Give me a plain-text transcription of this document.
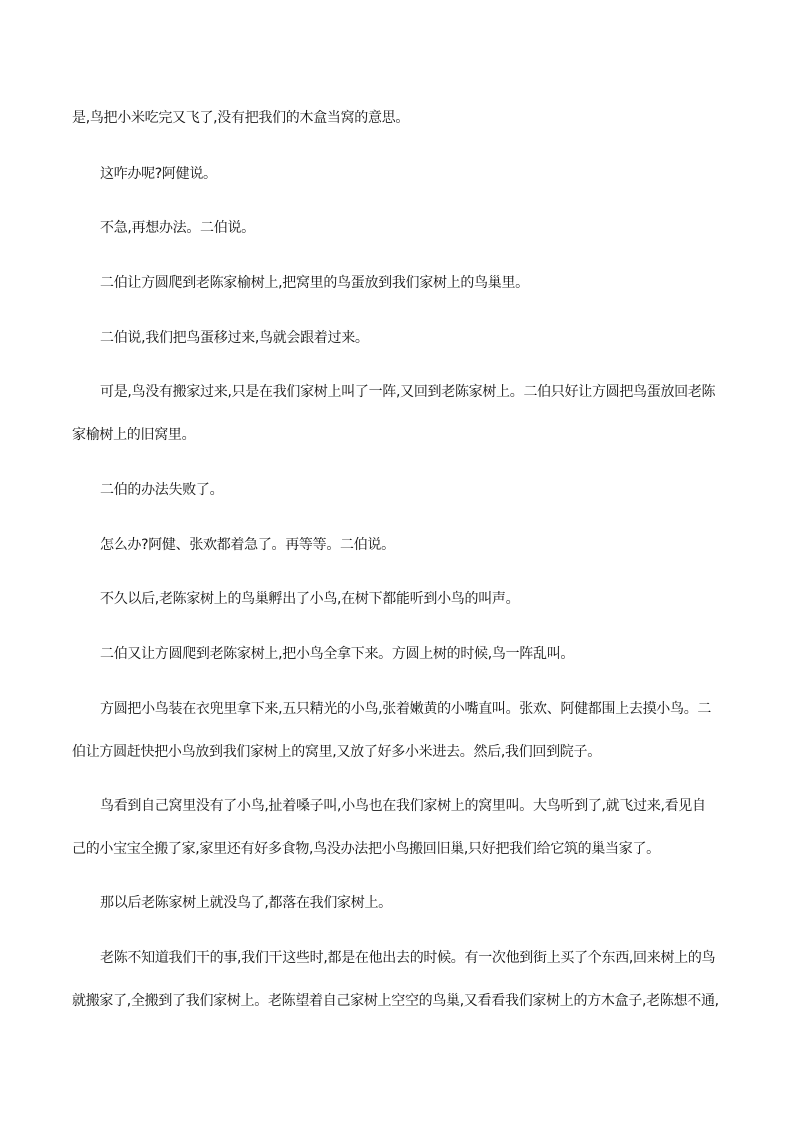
是,鸟把小米吃完又飞了,没有把我们的木盒当窝的意思。
这咋办呢?阿健说。
不急,再想办法。二伯说。
二伯让方圆爬到老陈家榆树上,把窝里的鸟蛋放到我们家树上的鸟巢里。
二伯说,我们把鸟蛋移过来,鸟就会跟着过来。
可是,鸟没有搬家过来,只是在我们家树上叫了一阵,又回到老陈家树上。二伯只好让方圆把鸟蛋放回老陈
家榆树上的旧窝里。
二伯的办法失败了。
怎么办?阿健、张欢都着急了。再等等。二伯说。
不久以后,老陈家树上的鸟巢孵出了小鸟,在树下都能听到小鸟的叫声。
二伯又让方圆爬到老陈家树上,把小鸟全拿下来。方圆上树的时候,鸟一阵乱叫。
方圆把小鸟装在衣兜里拿下来,五只精光的小鸟,张着嫩黄的小嘴直叫。张欢、阿健都围上去摸小鸟。二
伯让方圆赶快把小鸟放到我们家树上的窝里,又放了好多小米进去。然后,我们回到院子。
鸟看到自己窝里没有了小鸟,扯着嗓子叫,小鸟也在我们家树上的窝里叫。大鸟听到了,就飞过来,看见自
己的小宝宝全搬了家,家里还有好多食物,鸟没办法把小鸟搬回旧巢,只好把我们给它筑的巢当家了。
那以后老陈家树上就没鸟了,都落在我们家树上。
老陈不知道我们干的事,我们干这些时,都是在他出去的时候。有一次他到街上买了个东西,回来树上的鸟
就搬家了,全搬到了我们家树上。老陈望着自己家树上空空的鸟巢,又看看我们家树上的方木盒子,老陈想不通,
